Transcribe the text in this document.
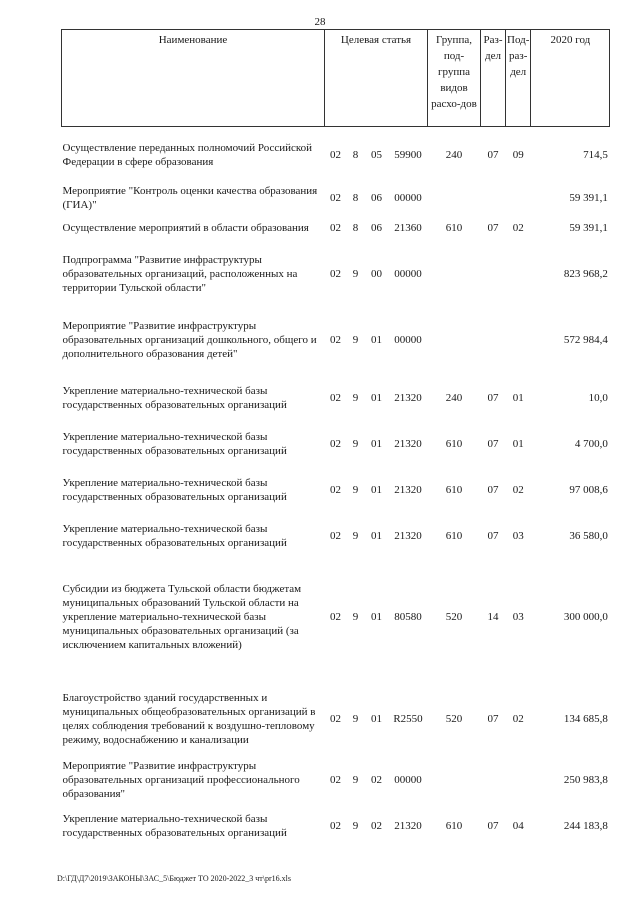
28
Наименование	Целевая статья				Группа, под-группа видов расхо-дов	Раз-дел	Под-раз-дел	2020 год

Осуществление переданных полномочий Российской Федерации в сфере образования	02	8	05	59900	240	07	09	714,5

Мероприятие "Контроль оценки качества образования (ГИА)"	02	8	06	00000				59 391,1
Осуществление мероприятий в области образования	02	8	06	21360	610	07	02	59 391,1
Подпрограмма "Развитие инфраструктуры образовательных организаций, расположенных на территории Тульской области"	02	9	00	00000				823 968,2

Мероприятие "Развитие инфраструктуры образовательных организаций дошкольного, общего и дополнительного образования детей"	02	9	01	00000				572 984,4

Укрепление материально-технической базы государственных образовательных организаций	02	9	01	21320	240	07	01	10,0
Укрепление материально-технической базы государственных образовательных организаций	02	9	01	21320	610	07	01	4 700,0
Укрепление материально-технической базы государственных образовательных организаций	02	9	01	21320	610	07	02	97 008,6
Укрепление материально-технической базы государственных образовательных организаций	02	9	01	21320	610	07	03	36 580,0

Субсидии из бюджета Тульской области бюджетам муниципальных образований Тульской области на укрепление материально-технической базы муниципальных образовательных организаций (за исключением капитальных вложений)	02	9	01	80580	520	14	03	300 000,0

Благоустройство зданий государственных и муниципальных общеобразовательных организаций в целях соблюдения требований к воздушно-тепловому режиму, водоснабжению и канализации	02	9	01	R2550	520	07	02	134 685,8
Мероприятие "Развитие инфраструктуры образовательных организаций профессионального образования"	02	9	02	00000				250 983,8
Укрепление материально-технической базы государственных образовательных организаций	02	9	02	21320	610	07	04	244 183,8
D:\ГД\Д7\2019\ЗАКОНЫ\ЗАС_5\Бюджет ТО 2020-2022_3 чт\pr16.xls
